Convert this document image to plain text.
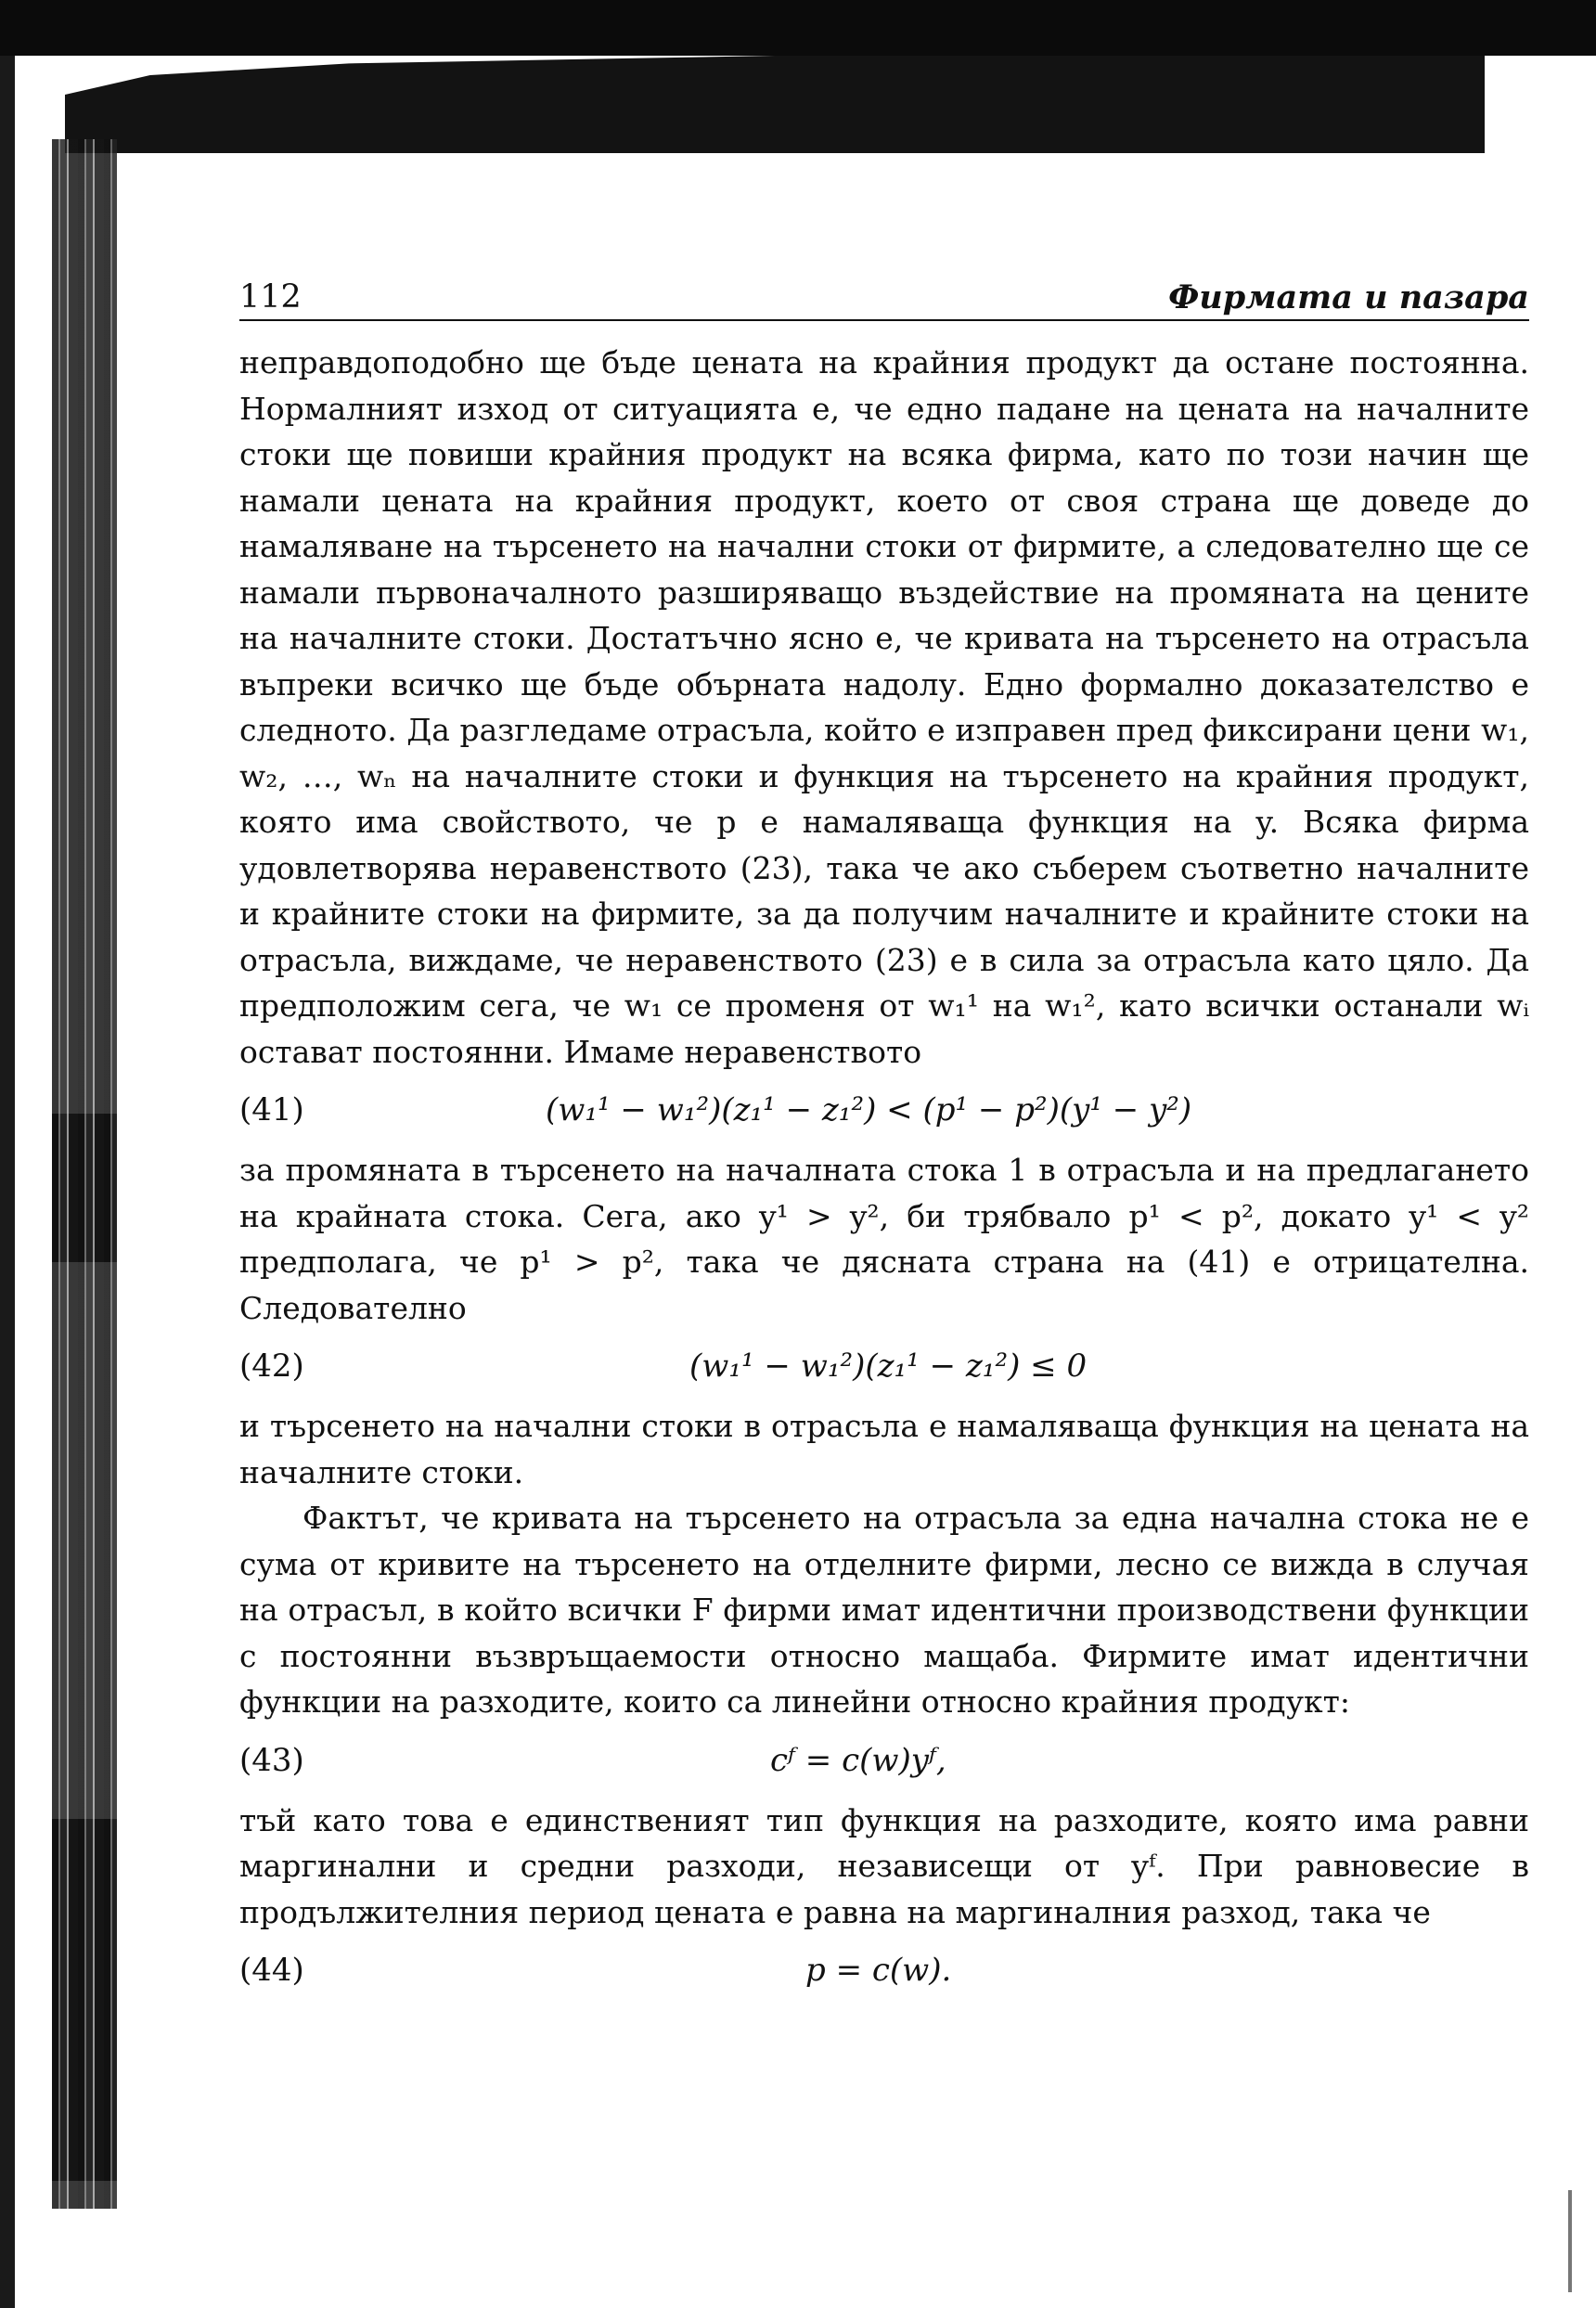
112	Фирмата и пазара

неправдоподобно ще бъде цената на крайния продукт да остане постоянна. Нормалният изход от ситуацията е, че едно падане на цената на началните стоки ще повиши крайния продукт на всяка фирма, като по този начин ще намали цената на крайния продукт, което от своя страна ще доведе до намаляване на търсенето на начални стоки от фирмите, а следователно ще се намали първоначалното разширяващо въздействие на промяната на цените на началните стоки. Достатъчно ясно е, че кривата на търсенето на отрасъла въпреки всичко ще бъде обърната надолу. Едно формално доказателство е следното. Да разгледаме отрасъла, който е изправен пред фиксирани цени w₁, w₂, …, wₙ на началните стоки и функция на търсенето на крайния продукт, която има свойството, че p е намаляваща функция на y. Всяка фирма удовлетворява неравенството (23), така че ако съберем съответно началните и крайните стоки на фирмите, за да получим началните и крайните стоки на отрасъла, виждаме, че неравенството (23) е в сила за отрасъла като цяло. Да предположим сега, че w₁ се променя от w₁¹ на w₁², като всички останали wᵢ остават постоянни. Имаме неравенството

(41)	(w₁¹ − w₁²)(z₁¹ − z₁²) < (p¹ − p²)(y¹ − y²)

за промяната в търсенето на началната стока 1 в отрасъла и на предлагането на крайната стока. Сега, ако y¹ > y², би трябвало p¹ < p², докато y¹ < y² предполага, че p¹ > p², така че дясната страна на (41) е отрицателна. Следователно

(42)	(w₁¹ − w₁²)(z₁¹ − z₁²) ≤ 0

и търсенето на начални стоки в отрасъла е намаляваща функция на цената на началните стоки.

Фактът, че кривата на търсенето на отрасъла за една начална стока не е сума от кривите на търсенето на отделните фирми, лесно се вижда в случая на отрасъл, в който всички F фирми имат идентични производствени функции с постоянни възвръщаемости относно мащаба. Фирмите имат идентични функции на разходите, които са линейни относно крайния продукт:

(43)	cᶠ = c(w)yᶠ,

тъй като това е единственият тип функция на разходите, която има равни маргинални и средни разходи, независещи от yᶠ. При равновесие в продължителния период цената е равна на маргиналния разход, така че

(44)	p = c(w).
